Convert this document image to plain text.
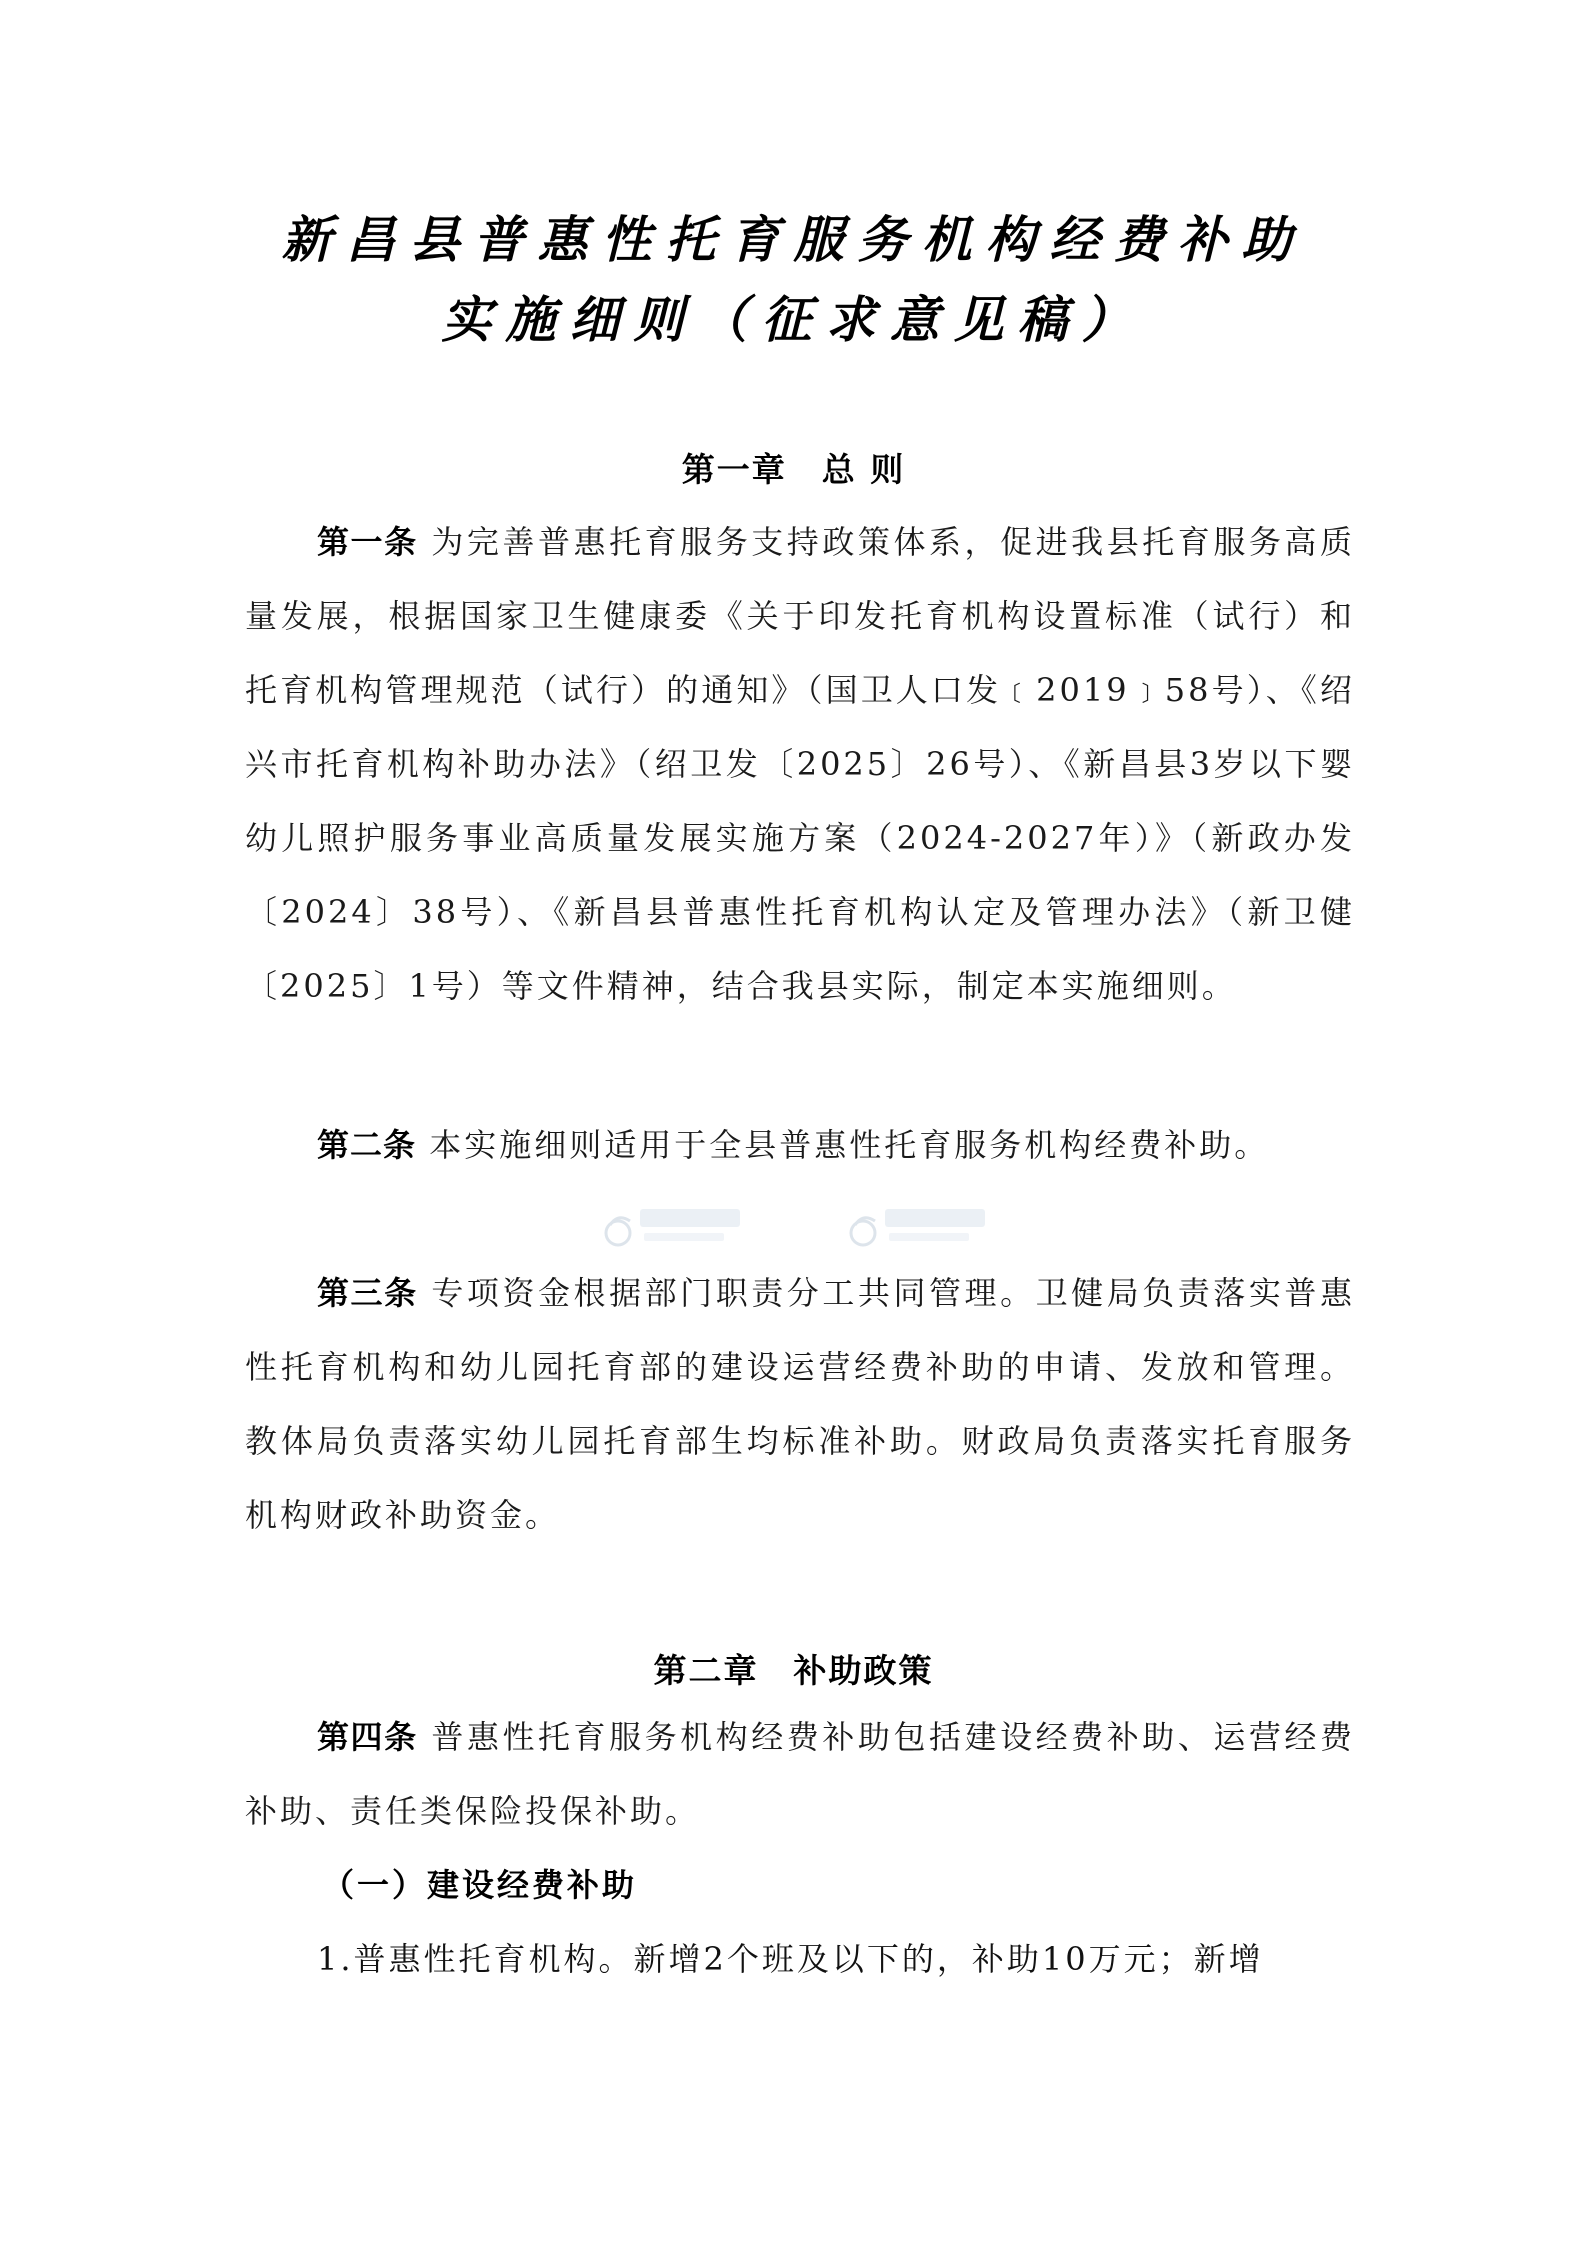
新昌县普惠性托育服务机构经费补助
实施细则（征求意见稿）
第一章　总 则
第一条 为完善普惠托育服务支持政策体系，促进我县托育服务高质量发展，根据国家卫生健康委《关于印发托育机构设置标准（试行）和托育机构管理规范（试行）的通知》（国卫人口发﹝2019﹞58号）、《绍兴市托育机构补助办法》（绍卫发〔2025〕26号）、《新昌县3岁以下婴幼儿照护服务事业高质量发展实施方案（2024-2027年）》（新政办发〔2024〕38号）、《新昌县普惠性托育机构认定及管理办法》（新卫健〔2025〕1号）等文件精神，结合我县实际，制定本实施细则。
第二条 本实施细则适用于全县普惠性托育服务机构经费补助。
第三条 专项资金根据部门职责分工共同管理。卫健局负责落实普惠性托育机构和幼儿园托育部的建设运营经费补助的申请、发放和管理。教体局负责落实幼儿园托育部生均标准补助。财政局负责落实托育服务机构财政补助资金。
第二章　补助政策
第四条 普惠性托育服务机构经费补助包括建设经费补助、运营经费补助、责任类保险投保补助。
（一）建设经费补助
1.普惠性托育机构。新增2个班及以下的，补助10万元；新增
